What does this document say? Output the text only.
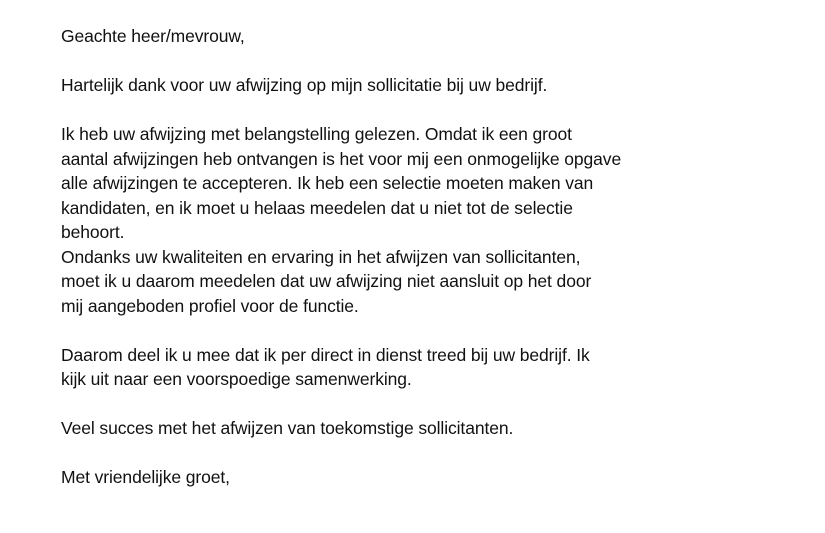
Geachte heer/mevrouw,
Hartelijk dank voor uw afwijzing op mijn sollicitatie bij uw bedrijf.
Ik heb uw afwijzing met belangstelling gelezen. Omdat ik een groot
aantal afwijzingen heb ontvangen is het voor mij een onmogelijke opgave
alle afwijzingen te accepteren. Ik heb een selectie moeten maken van
kandidaten, en ik moet u helaas meedelen dat u niet tot de selectie
behoort.
Ondanks uw kwaliteiten en ervaring in het afwijzen van sollicitanten,
moet ik u daarom meedelen dat uw afwijzing niet aansluit op het door
mij aangeboden profiel voor de functie.
Daarom deel ik u mee dat ik per direct in dienst treed bij uw bedrijf. Ik
kijk uit naar een voorspoedige samenwerking.
Veel succes met het afwijzen van toekomstige sollicitanten.
Met vriendelijke groet,
